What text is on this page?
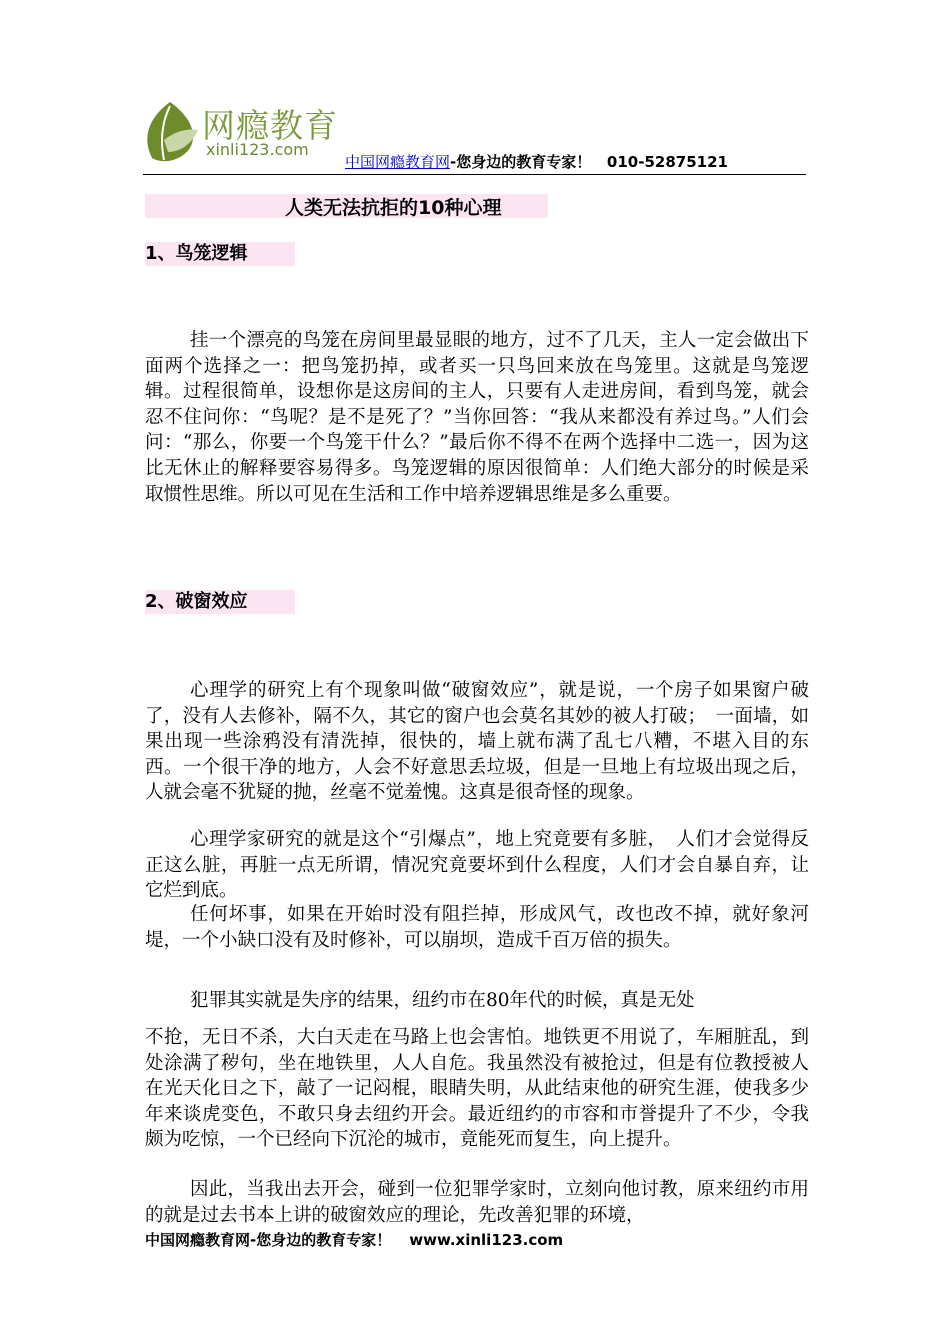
网瘾教育
xinli123.com
中国网瘾教育网-您身边的教育专家！ 010-52875121
人类无法抗拒的10种心理
1、鸟笼逻辑
挂一个漂亮的鸟笼在房间里最显眼的地方，过不了几天，主人一定会做出下面两个选择之一：把鸟笼扔掉，或者买一只鸟回来放在鸟笼里。这就是鸟笼逻辑。过程很简单，设想你是这房间的主人，只要有人走进房间，看到鸟笼，就会忍不住问你：“鸟呢？是不是死了？”当你回答：“我从来都没有养过鸟。”人们会问：“那么，你要一个鸟笼干什么？”最后你不得不在两个选择中二选一，因为这比无休止的解释要容易得多。鸟笼逻辑的原因很简单：人们绝大部分的时候是采取惯性思维。所以可见在生活和工作中培养逻辑思维是多么重要。
2、破窗效应
心理学的研究上有个现象叫做“破窗效应”，就是说，一个房子如果窗户破了，没有人去修补，隔不久，其它的窗户也会莫名其妙的被人打破；　一面墙，如果出现一些涂鸦没有清洗掉，很快的，墙上就布满了乱七八糟，不堪入目的东西。一个很干净的地方，人会不好意思丢垃圾，但是一旦地上有垃圾出现之后，人就会毫不犹疑的抛，丝毫不觉羞愧。这真是很奇怪的现象。
心理学家研究的就是这个“引爆点”，地上究竟要有多脏，　人们才会觉得反正这么脏，再脏一点无所谓，情况究竟要坏到什么程度，人们才会自暴自弃，让它烂到底。
任何坏事，如果在开始时没有阻拦掉，形成风气，改也改不掉，就好象河堤，一个小缺口没有及时修补，可以崩坝，造成千百万倍的损失。
犯罪其实就是失序的结果，纽约市在80年代的时候，真是无处
不抢，无日不杀，大白天走在马路上也会害怕。地铁更不用说了，车厢脏乱，到处涂满了秽句，坐在地铁里，人人自危。我虽然没有被抢过，但是有位教授被人在光天化日之下，敲了一记闷棍，眼睛失明，从此结束他的研究生涯，使我多少年来谈虎变色，不敢只身去纽约开会。最近纽约的市容和市誉提升了不少，令我颇为吃惊，一个已经向下沉沦的城市，竟能死而复生，向上提升。
因此，当我出去开会，碰到一位犯罪学家时，立刻向他讨教，原来纽约市用的就是过去书本上讲的破窗效应的理论，先改善犯罪的环境，
中国网瘾教育网-您身边的教育专家！ www.xinli123.com
